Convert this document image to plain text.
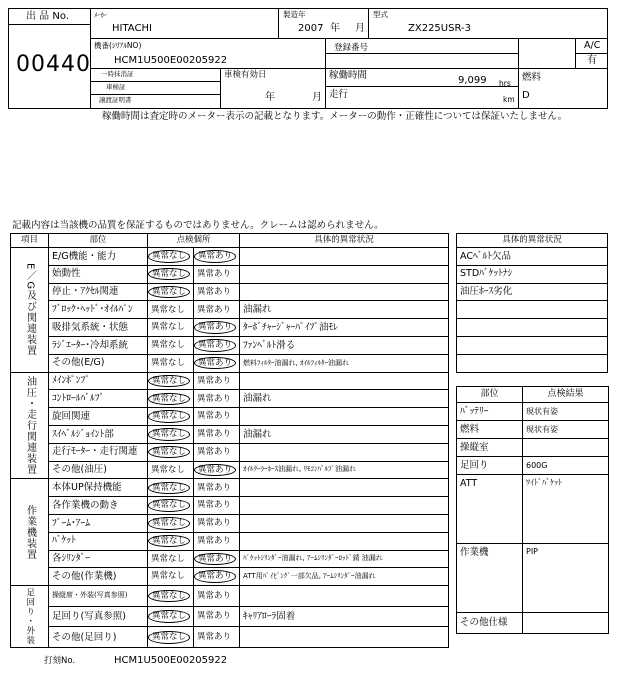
出 品 No.
00440
ﾒｰｶｰ
HITACHI
製造年
2007 年 月
型式
ZX225USR-3
機番(ｼﾘｱﾙNO)
HCM1U500E00205922
登録番号	A/C
有
一時抹消証
車検証
譲渡証明書
車検有効日
年	月
稼働時間	9,099 hrs
走行	km
燃料
D
稼働時間は査定時のメーター表示の記載となります。メーターの動作・正確性については保証いたしません。
記載内容は当該機の品質を保証するものではありません。クレームは認められません。
項目	部位	点検個所		具体的異常状況

E／G及び関連装置	E/G機能・能力	異常なし	異常あり	
	始動性	異常なし	異常あり	
	停止・ｱｸｾﾙ関連	異常なし	異常あり	
	ﾌﾞﾛｯｸ･ﾍｯﾄﾞ･ｵｲﾙﾊﾟﾝ	異常なし	異常あり	油漏れ
	吸排気系統・状態	異常なし	異常あり	ﾀｰﾎﾞﾁｬｰｼﾞｬｰﾊﾟｲﾌﾟ油ﾓﾚ
	ﾗｼﾞｴｰﾀｰ･冷却系統	異常なし	異常あり	ﾌｧﾝﾍﾞﾙﾄ滑る
	その他(E/G)	異常なし	異常あり	燃料ﾌｨﾙﾀｰ油漏れ, ｵｲﾙﾌｨﾙﾀｰ油漏れ

油圧・走行関連装置	ﾒｲﾝﾎﾟﾝﾌﾟ	異常なし	異常あり	
	ｺﾝﾄﾛｰﾙﾊﾞﾙﾌﾞ	異常なし	異常あり	油漏れ
	旋回関連	異常なし	異常あり	
	ｽｲﾍﾞﾙｼﾞｮｲﾝﾄ部	異常なし	異常あり	油漏れ
	走行ﾓｰﾀｰ・走行関連	異常なし	異常あり	
	その他(油圧)	異常なし	異常あり	ｵｲﾙｸｰﾗｰﾎｰｽ油漏れ, ﾘﾓｺﾝﾊﾞﾙﾌﾞ油漏れ

作業機装置	本体UP保持機能	異常なし	異常あり	
	各作業機の動き	異常なし	異常あり	
	ﾌﾞｰﾑ･ｱｰﾑ	異常なし	異常あり	
	ﾊﾞｹｯﾄ	異常なし	異常あり	
	各ｼﾘﾝﾀﾞｰ	異常なし	異常あり	ﾊﾞｹｯﾄｼﾘﾝﾀﾞｰ油漏れ, ｱｰﾑｼﾘﾝﾀﾞｰﾛｯﾄﾞ錆 油漏れ
	その他(作業機)	異常なし	異常あり	ATT用ﾊﾟｲﾋﾟﾝｸﾞ一部欠品, ｱｰﾑｼﾘﾝﾀﾞｰ油漏れ

足回り・外装	操縦席・外装(写真参照)	異常なし	異常あり	
	足回り(写真参照)	異常なし	異常あり	ｷｬﾘｱﾛｰﾗ固着
	その他(足回り)	異常なし	異常あり	
具体的異常状況
ACﾍﾞﾙﾄ欠品
STDﾊﾞｹｯﾄﾅｼ
油圧ﾎｰｽ劣化

部位	点検結果
ﾊﾞｯﾃﾘｰ	現状有姿
燃料	現状有姿
操縦室	
足回り	600G
ATT	ﾜｲﾄﾞﾊﾞｹｯﾄ
作業機	PIP
その他仕様	
打刻No.	HCM1U500E00205922
